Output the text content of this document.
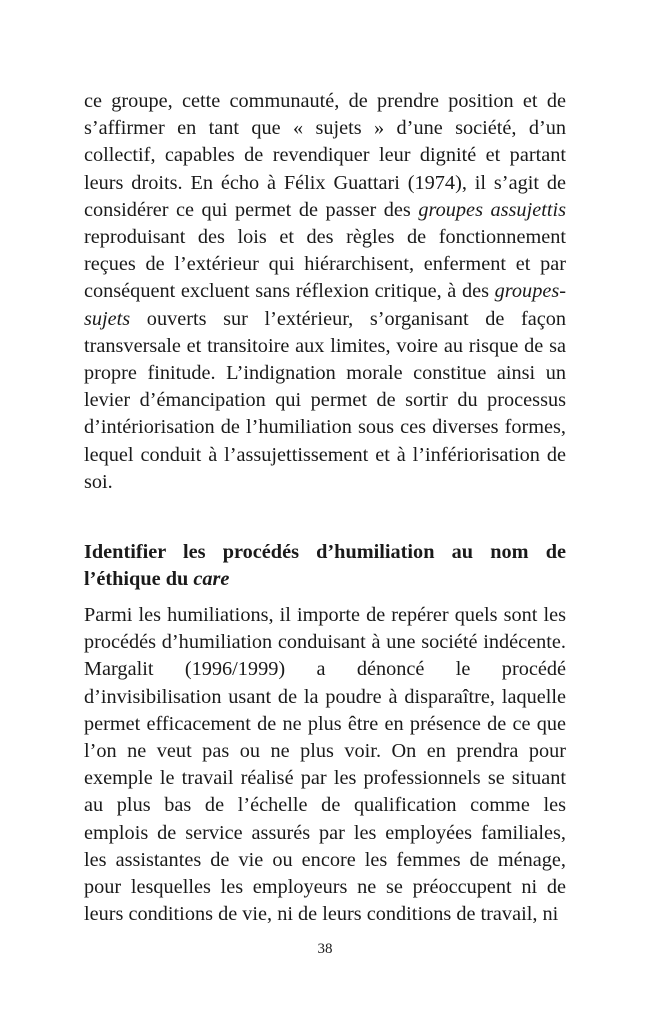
ce groupe, cette communauté, de prendre position et de s’affirmer en tant que « sujets » d’une société, d’un collectif, capables de revendiquer leur dignité et partant leurs droits. En écho à Félix Guattari (1974), il s’agit de considérer ce qui permet de passer des groupes assujettis reproduisant des lois et des règles de fonctionnement reçues de l’extérieur qui hiérarchisent, enferment et par conséquent excluent sans réflexion critique, à des groupes-sujets ouverts sur l’extérieur, s’organisant de façon transversale et transitoire aux limites, voire au risque de sa propre finitude. L’indignation morale constitue ainsi un levier d’émancipation qui permet de sortir du processus d’intériorisation de l’humiliation sous ces diverses formes, lequel conduit à l’assujettissement et à l’infériorisation de soi.

Identifier les procédés d’humiliation au nom de l’éthique du care

Parmi les humiliations, il importe de repérer quels sont les procédés d’humiliation conduisant à une société indécente. Margalit (1996/1999) a dénoncé le procédé d’invisibilisation usant de la poudre à disparaître, laquelle permet efficacement de ne plus être en présence de ce que l’on ne veut pas ou ne plus voir. On en prendra pour exemple le travail réalisé par les professionnels se situant au plus bas de l’échelle de qualification comme les emplois de service assurés par les employées familiales, les assistantes de vie ou encore les femmes de ménage, pour lesquelles les employeurs ne se préoccupent ni de leurs conditions de vie, ni de leurs conditions de travail, ni

38
